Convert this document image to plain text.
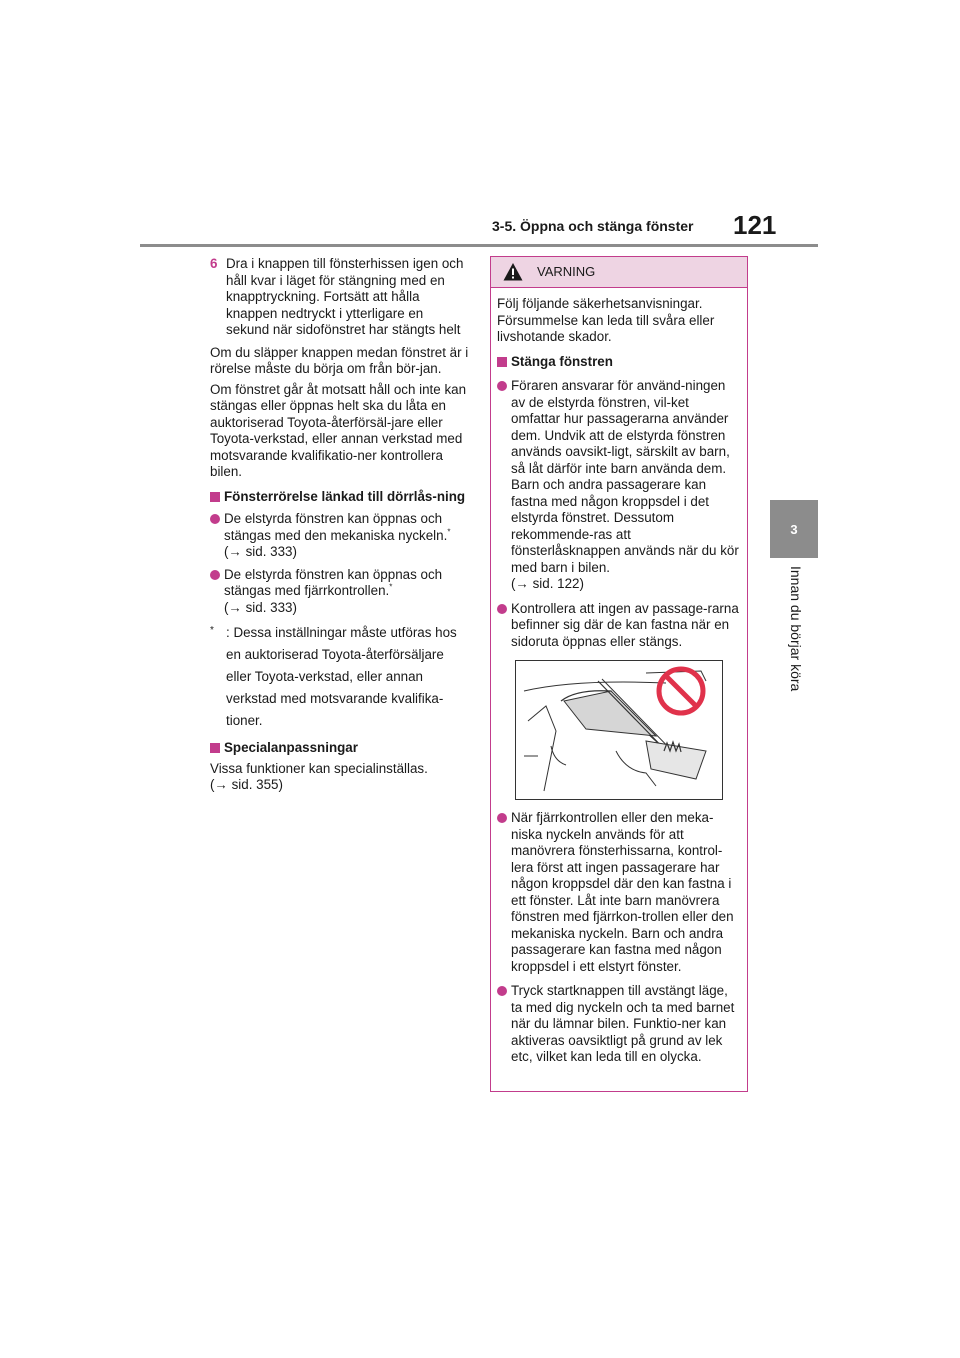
3-5. Öppna och stänga fönster 121
3
Innan du börjar köra
6 Dra i knappen till fönsterhissen igen och håll kvar i läget för stängning med en knapptryckning. Fortsätt att hålla knappen nedtryckt i ytterligare en sekund när sidofönstret har stängts helt

Om du släpper knappen medan fönstret är i rörelse måste du börja om från bör-jan.

Om fönstret går åt motsatt håll och inte kan stängas eller öppnas helt ska du låta en auktoriserad Toyota-återförsäl-jare eller Toyota-verkstad, eller annan verkstad med motsvarande kvalifikatio-ner kontrollera bilen.

Fönsterrörelse länkad till dörrlås-ning
De elstyrda fönstren kan öppnas och stängas med den mekaniska nyckeln.*
(→ sid. 333)
De elstyrda fönstren kan öppnas och stängas med fjärrkontrollen.*
(→ sid. 333)
* : Dessa inställningar måste utföras hos en auktoriserad Toyota-återförsäljare eller Toyota-verkstad, eller annan verkstad med motsvarande kvalifika-tioner.
Specialanpassningar

Vissa funktioner kan specialinställas.
(→ sid. 355)

VARNING
Följ följande säkerhetsanvisningar. Försummelse kan leda till svåra eller livshotande skador.
Stänga fönstren
Föraren ansvarar för använd-ningen av de elstyrda fönstren, vil-ket omfattar hur passagerarna använder dem. Undvik att de elstyrda fönstren används oavsikt-ligt, särskilt av barn, så låt därför inte barn använda dem. Barn och andra passagerare kan fastna med någon kroppsdel i det elstyrda fönstret. Dessutom rekommende-ras att fönsterlåsknappen används när du kör med barn i bilen.
(→ sid. 122)
Kontrollera att ingen av passage-rarna befinner sig där de kan fastna när en sidoruta öppnas eller stängs.
När fjärrkontrollen eller den meka-niska nyckeln används för att manövrera fönsterhissarna, kontrol-lera först att ingen passagerare har någon kroppsdel där den kan fastna i ett fönster. Låt inte barn manövrera fönstren med fjärrkon-trollen eller den mekaniska nyckeln. Barn och andra passagerare kan fastna med någon kroppsdel i ett elstyrt fönster.
Tryck startknappen till avstängt läge, ta med dig nyckeln och ta med barnet när du lämnar bilen. Funktio-ner kan aktiveras oavsiktligt på grund av lek etc, vilket kan leda till en olycka.
